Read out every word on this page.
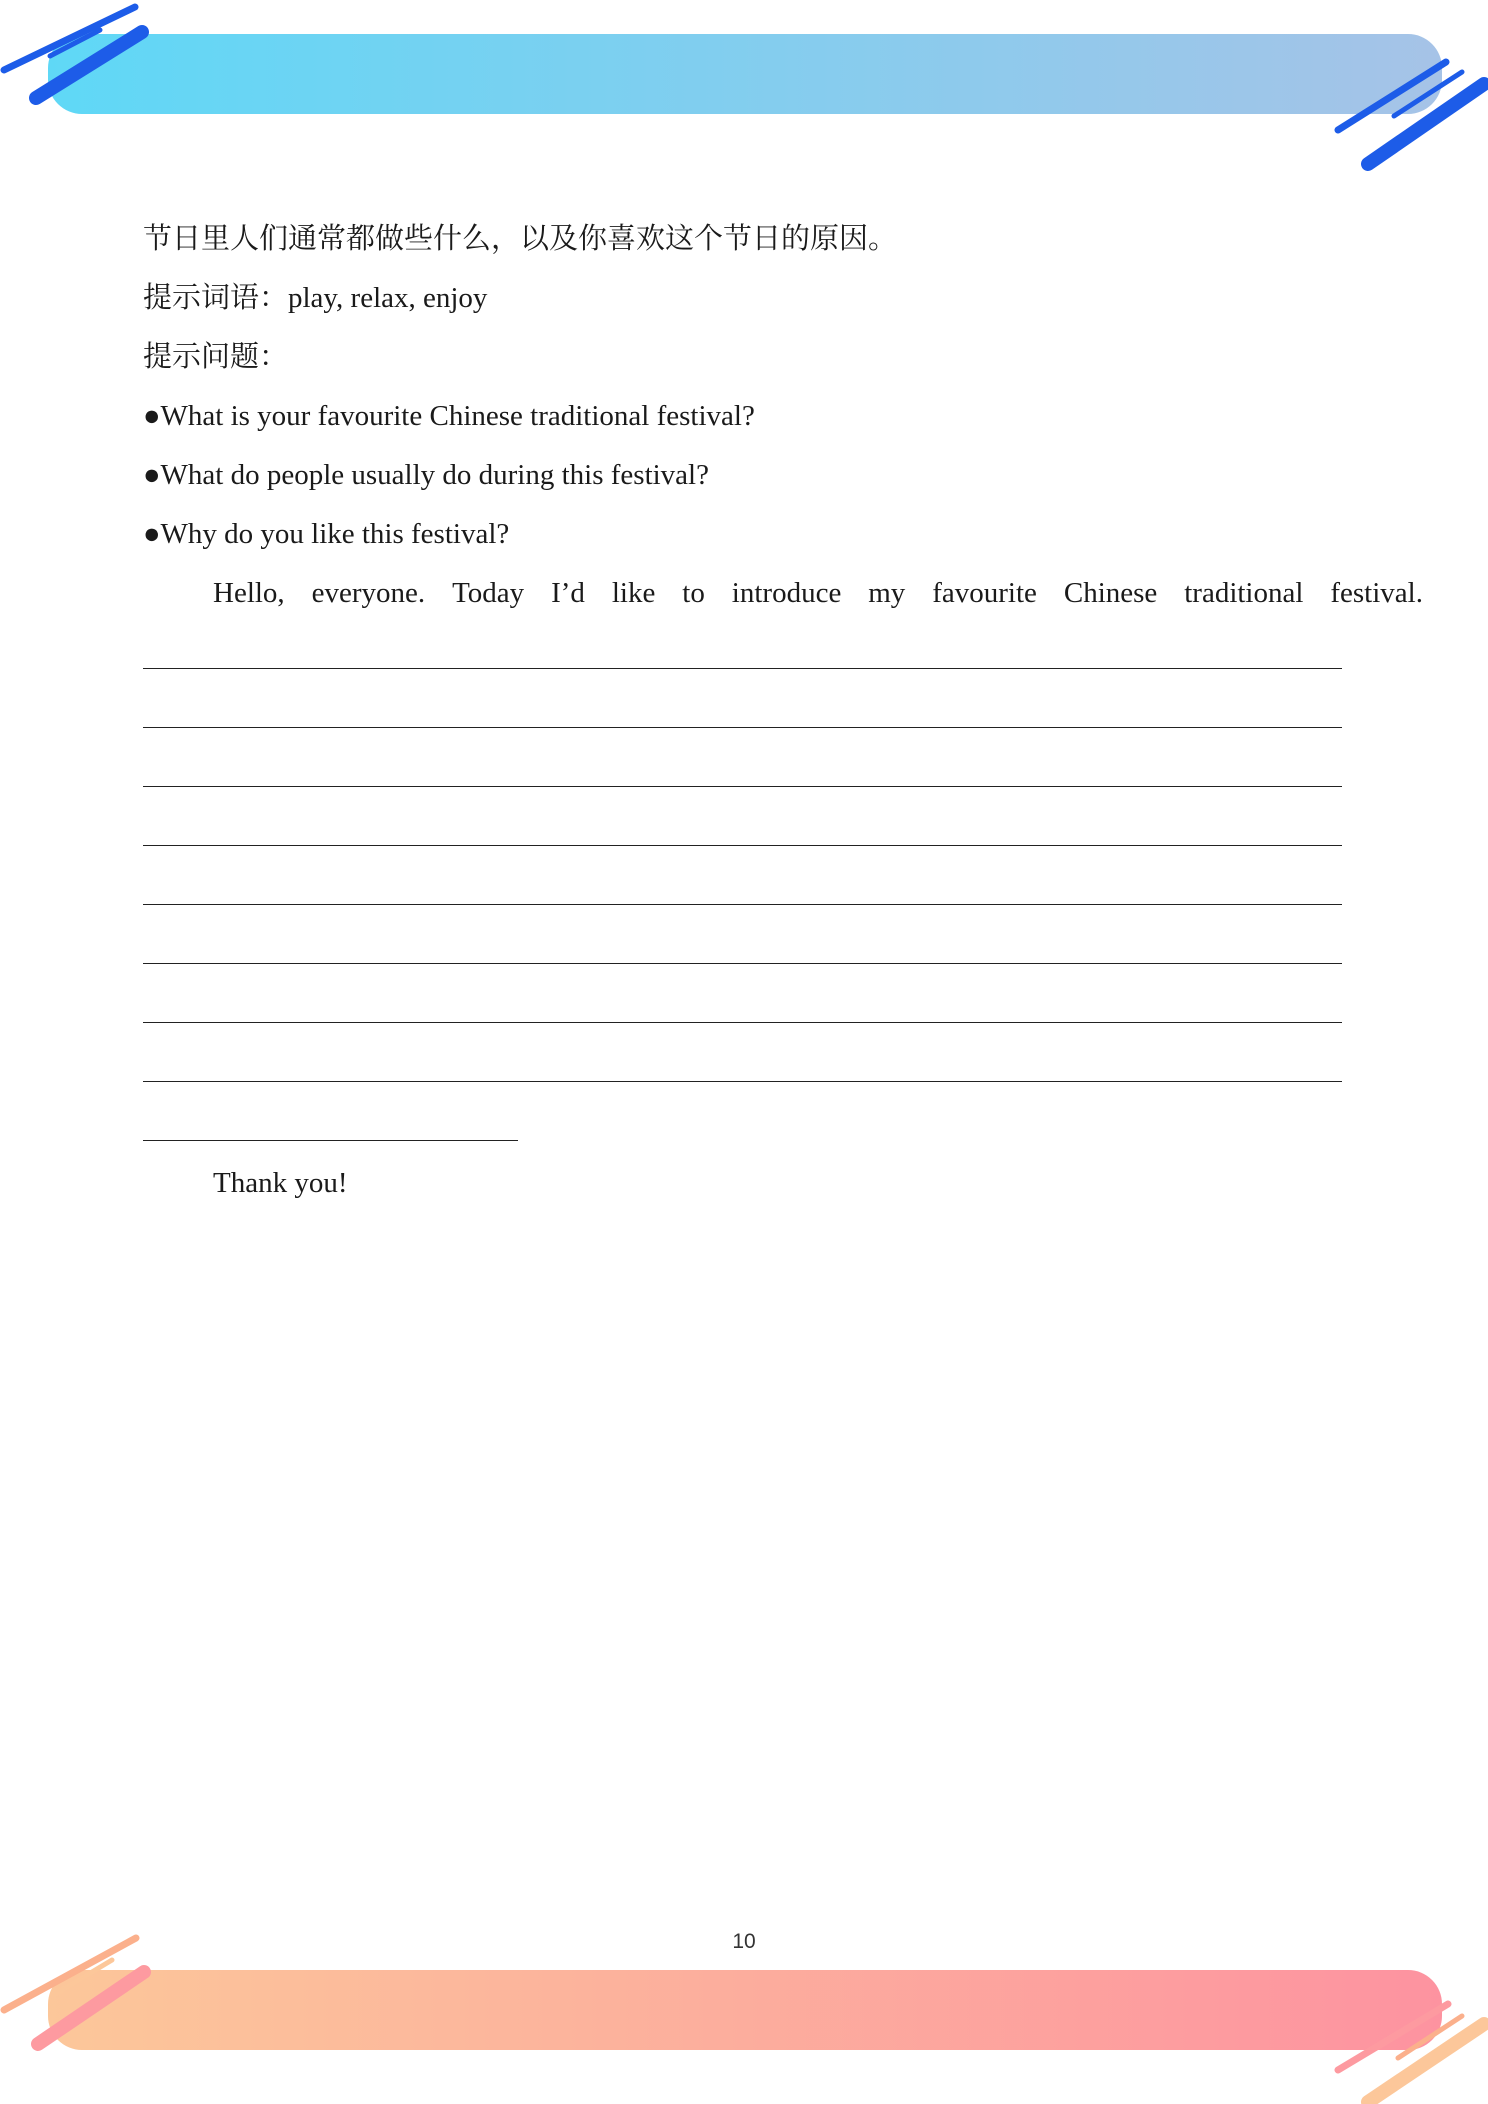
节日里人们通常都做些什么，以及你喜欢这个节日的原因。
提示词语：play, relax, enjoy
提示问题：
●What is your favourite Chinese traditional festival?
●What do people usually do during this festival?
●Why do you like this festival?
Hello, everyone. Today I’d like to introduce my favourite Chinese traditional festival.
Thank you!
10
